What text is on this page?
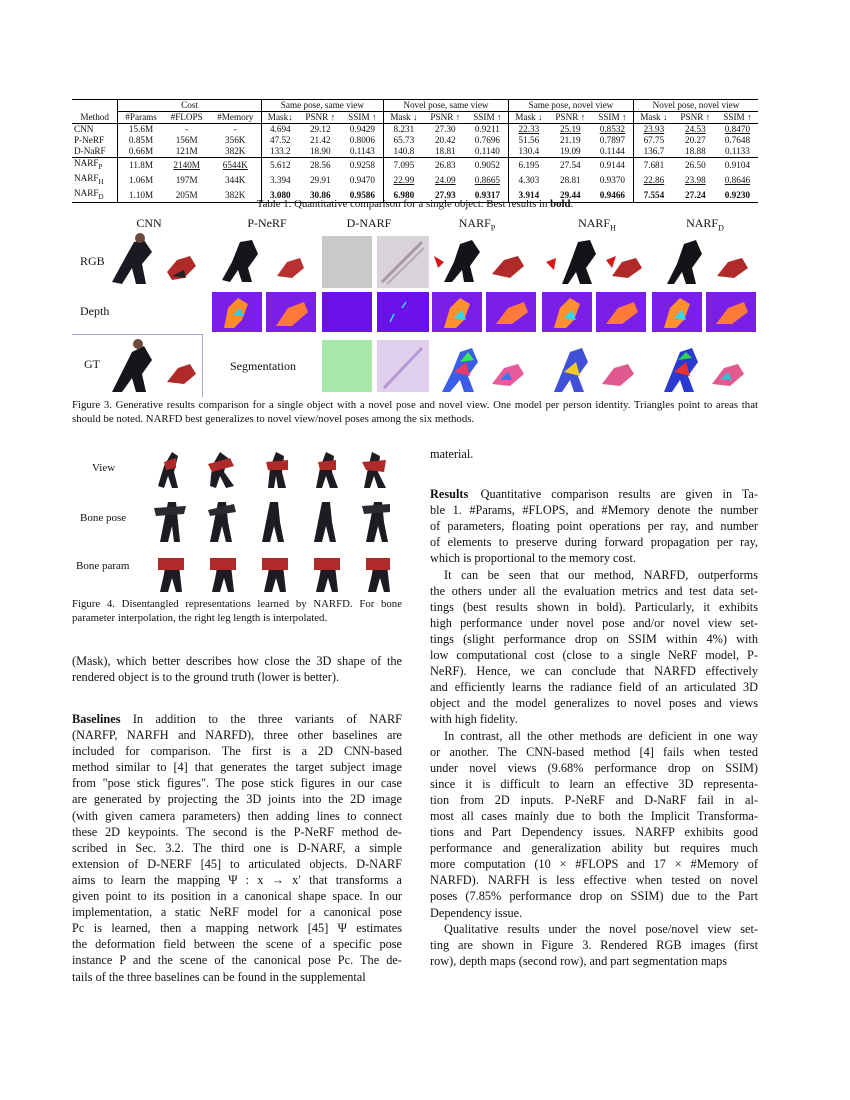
	Cost			Same pose, same view			Novel pose, same view			Same pose, novel view			Novel pose, novel view		
Method	#Params	#FLOPS	#Memory	Mask↓	PSNR ↑	SSIM ↑	Mask ↓	PSNR ↑	SSIM ↑	Mask ↓	PSNR ↑	SSIM ↑	Mask ↓	PSNR ↑	SSIM ↑
CNN	15.6M	-	-	4.694	29.12	0.9429	8.231	27.30	0.9211	22.33	25.19	0.8532	23.93	24.53	0.8470
P-NeRF	0.85M	156M	356K	47.52	21.42	0.8006	65.73	20.42	0.7696	51.56	21.19	0.7897	67.75	20.27	0.7648
D-NaRF	0.66M	121M	382K	133.2	18.90	0.1143	140.8	18.81	0.1140	130.4	19.09	0.1144	136.7	18.88	0.1133
$NARF_P$	11.8M	2140M	6544K	5.612	28.56	0.9258	7.095	26.83	0.9052	6.195	27.54	0.9144	7.681	26.50	0.9104
$NARF_H$	1.06M	197M	344K	3.394	29.91	0.9470	22.99	24.09	0.8665	4.303	28.81	0.9370	22.86	23.98	0.8646
$NARF_D$	1.10M	205M	382K	3.080	30.86	0.9586	6.980	27.93	0.9317	3.914	29.44	0.9466	7.554	27.24	0.9230
Table 1. Quantitative comparison for a single object. Best results in bold.
CNN	P-NeRF	D-NARF	$NARF_P$	$NARF_H$	$NARF_D$
RGB
Depth
GT	Segmentation
Figure 3. Generative results comparison for a single object with a novel pose and novel view. One model per person identity. Triangles point to areas that should be noted. NARFD best generalizes to novel view/novel poses among the six methods.
View
Bone pose
Bone param
Figure 4. Disentangled representations learned by NARFD. For bone parameter interpolation, the right leg length is interpolated.

(Mask), which better describes how close the 3D shape of the rendered object is to the ground truth (lower is better).

Baselines In addition to the three variants of NARF
(NARFP, NARFH and NARFD), three other baselines are
included for comparison. The first is a 2D CNN-based
method similar to [4] that generates the target subject image
from "pose stick figures". The pose stick figures in our case
are generated by projecting the 3D joints into the 2D image
(with given camera parameters) then adding lines to connect
these 2D keypoints. The second is the P-NeRF method de-
scribed in Sec. 3.2. The third one is D-NARF, a simple
extension of D-NERF [45] to articulated objects. D-NARF
aims to learn the mapping Ψ : x → x′ that transforms a
given point to its position in a canonical shape space. In our
implementation, a static NeRF model for a canonical pose
Pc is learned, then a mapping network [45] Ψ estimates
the deformation field between the scene of a specific pose
instance P and the scene of the canonical pose Pc. The de-
tails of the three baselines can be found in the supplemental
material.
Results Quantitative comparison results are given in Ta-
ble 1. #Params, #FLOPS, and #Memory denote the number
of parameters, floating point operations per ray, and number
of elements to preserve during forward propagation per ray,
which is proportional to the memory cost.
It can be seen that our method, NARFD, outperforms
the others under all the evaluation metrics and test data set-
tings (best results shown in bold). Particularly, it exhibits
high performance under novel pose and/or novel view set-
tings (slight performance drop on SSIM within 4%) with
low computational cost (close to a single NeRF model, P-
NeRF). Hence, we can conclude that NARFD effectively
and efficiently learns the radiance field of an articulated 3D
object and the model generalizes to novel poses and views
with high fidelity.
In contrast, all the other methods are deficient in one way
or another. The CNN-based method [4] fails when tested
under novel views (9.68% performance drop on SSIM)
since it is difficult to learn an effective 3D representa-
tion from 2D inputs. P-NeRF and D-NaRF fail in al-
most all cases mainly due to both the Implicit Transforma-
tions and Part Dependency issues. NARFP exhibits good
performance and generalization ability but requires much
more computation (10 × #FLOPS and 17 × #Memory of
NARFD). NARFH is less effective when tested on novel
poses (7.85% performance drop on SSIM) due to the Part
Dependency issue.
Qualitative results under the novel pose/novel view set-
ting are shown in Figure 3. Rendered RGB images (first
row), depth maps (second row), and part segmentation maps
